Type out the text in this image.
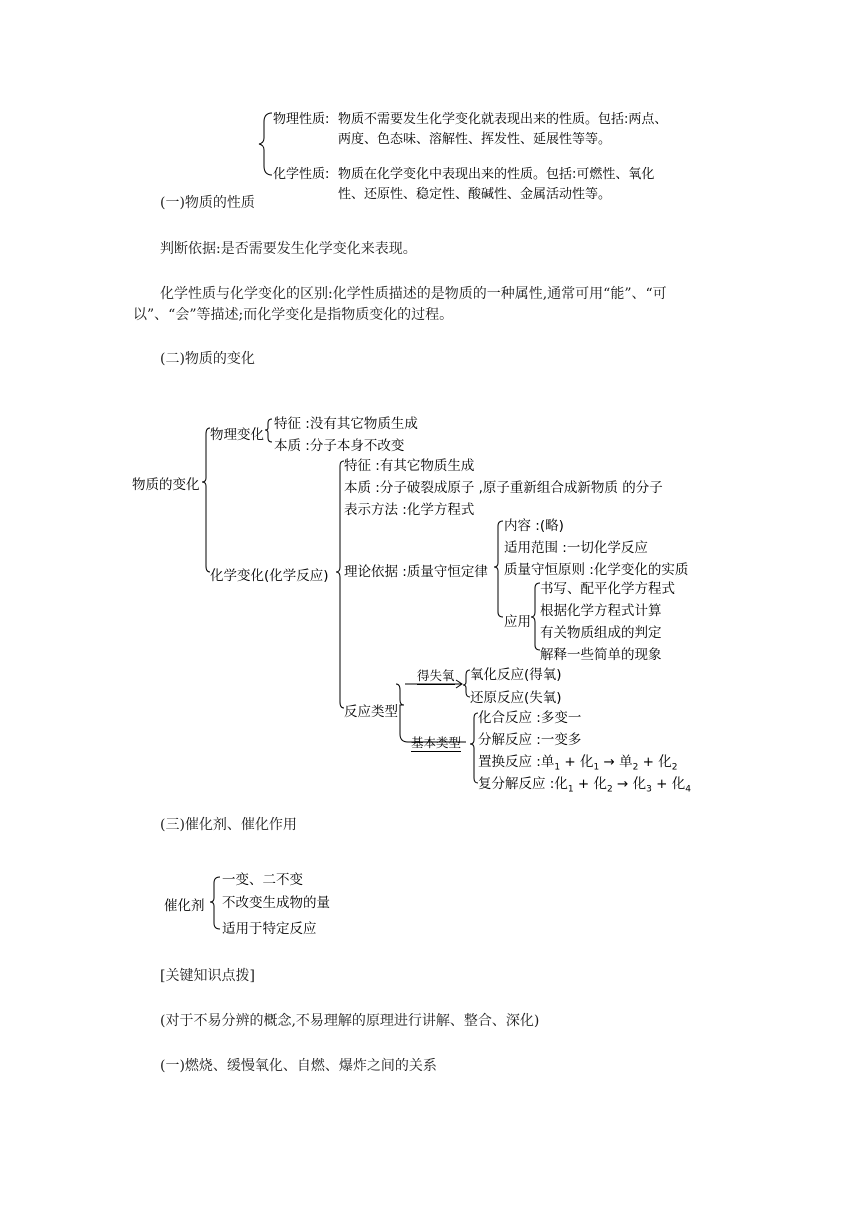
物理性质: 物质不需要发生化学变化就表现出来的性质。包括:两点、
两度、色态味、溶解性、挥发性、延展性等等。
化学性质: 物质在化学变化中表现出来的性质。包括:可燃性、氧化
性、还原性、稳定性、酸碱性、金属活动性等。
(一)物质的性质
判断依据:是否需要发生化学变化来表现。
化学性质与化学变化的区别:化学性质描述的是物质的一种属性,通常可用“能”、“可
以”、“会”等描述;而化学变化是指物质变化的过程。
(二)物质的变化
物质的变化
物理变化
特征 :没有其它物质生成
本质 :分子本身不改变
化学变化(化学反应)
特征 :有其它物质生成
本质 :分子破裂成原子 ,原子重新组合成新物质 的分子
表示方法 :化学方程式
理论依据 :质量守恒定律
内容 :(略)
适用范围 :一切化学反应
质量守恒原则 :化学变化的实质
应用
书写、配平化学方程式
根据化学方程式计算
有关物质组成的判定
解释一些简单的现象
反应类型
得失氧 氧化反应(得氧)
还原反应(失氧)
基本类型
化合反应 :多变一
分解反应 :一变多
置换反应 :单$_1$ + 化$_1$ → 单$_2$ + 化$_2$
复分解反应 :化$_1$ + 化$_2$ → 化$_3$ + 化$_4$
(三)催化剂、催化作用
催化剂
一变、二不变
不改变生成物的量
适用于特定反应
[关键知识点拨]
(对于不易分辨的概念,不易理解的原理进行讲解、整合、深化)
(一)燃烧、缓慢氧化、自燃、爆炸之间的关系
